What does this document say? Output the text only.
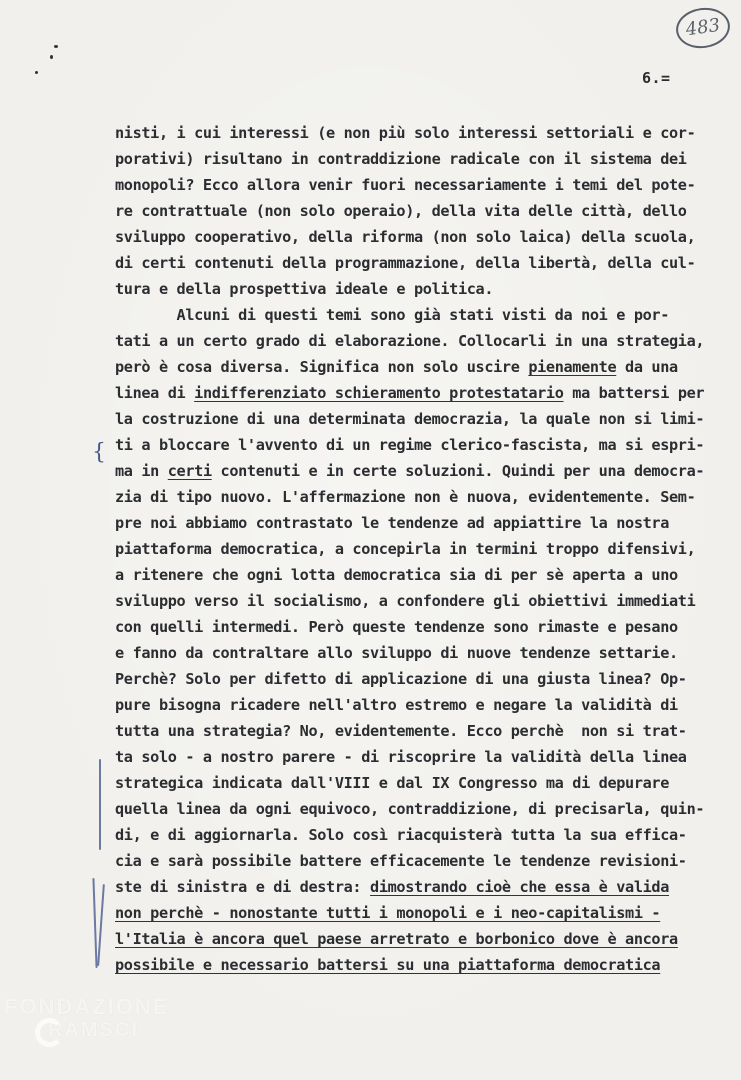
483
6.=
{
nisti, i cui interessi (e non più solo interessi settoriali e cor-
porativi) risultano in contraddizione radicale con il sistema dei
monopoli? Ecco allora venir fuori necessariamente i temi del pote-
re contrattuale (non solo operaio), della vita delle città, dello
sviluppo cooperativo, della riforma (non solo laica) della scuola,
di certi contenuti della programmazione, della libertà, della cul-
tura e della prospettiva ideale e politica.
Alcuni di questi temi sono già stati visti da noi e por-
tati a un certo grado di elaborazione. Collocarli in una strategia,
però è cosa diversa. Significa non solo uscire pienamente da una
linea di indifferenziato schieramento protestatario ma battersi per
la costruzione di una determinata democrazia, la quale non si limi-
ti a bloccare l'avvento di un regime clerico-fascista, ma si espri-
ma in certi contenuti e in certe soluzioni. Quindi per una democra-
zia di tipo nuovo. L'affermazione non è nuova, evidentemente. Sem-
pre noi abbiamo contrastato le tendenze ad appiattire la nostra
piattaforma democratica, a concepirla in termini troppo difensivi,
a ritenere che ogni lotta democratica sia di per sè aperta a uno
sviluppo verso il socialismo, a confondere gli obiettivi immediati
con quelli intermedi. Però queste tendenze sono rimaste e pesano
e fanno da contraltare allo sviluppo di nuove tendenze settarie.
Perchè? Solo per difetto di applicazione di una giusta linea? Op-
pure bisogna ricadere nell'altro estremo e negare la validità di
tutta una strategia? No, evidentemente. Ecco perchè  non si trat-
ta solo - a nostro parere - di riscoprire la validità della linea
strategica indicata dall'VIII e dal IX Congresso ma di depurare
quella linea da ogni equivoco, contraddizione, di precisarla, quin-
di, e di aggiornarla. Solo così riacquisterà tutta la sua effica-
cia e sarà possibile battere efficacemente le tendenze revisioni-
ste di sinistra e di destra: dimostrando cioè che essa è valida
non perchè - nonostante tutti i monopoli e i neo-capitalismi -
l'Italia è ancora quel paese arretrato e borbonico dove è ancora
possibile e necessario battersi su una piattaforma democratica
FONDAZIONE
RAMSCI
